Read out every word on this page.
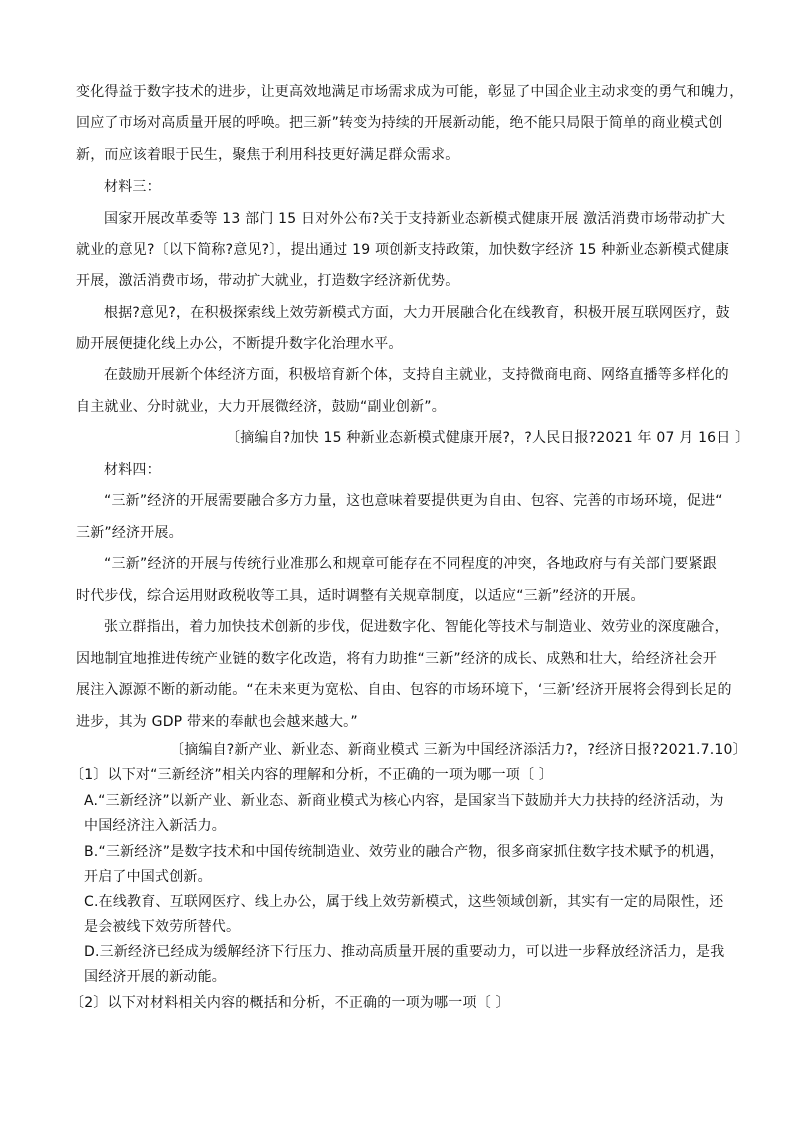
变化得益于数字技术的进步，让更高效地满足市场需求成为可能，彰显了中国企业主动求变的勇气和魄力，
回应了市场对高质量开展的呼唤。把三新”转变为持续的开展新动能，绝不能只局限于简单的商业模式创
新，而应该着眼于民生，聚焦于利用科技更好满足群众需求。
材料三：
国家开展改革委等 13 部门 15 日对外公布?关于支持新业态新模式健康开展 激活消费市场带动扩大
就业的意见?〔以下简称?意见?〕，提出通过 19 项创新支持政策，加快数字经济 15 种新业态新模式健康
开展，激活消费市场，带动扩大就业，打造数字经济新优势。
根据?意见?，在积极探索线上效劳新模式方面，大力开展融合化在线教育，积极开展互联网医疗，鼓
励开展便捷化线上办公，不断提升数字化治理水平。
在鼓励开展新个体经济方面，积极培育新个体，支持自主就业，支持微商电商、网络直播等多样化的
自主就业、分时就业，大力开展微经济，鼓励“副业创新”。
〔摘编自?加快 15 种新业态新模式健康开展?，?人民日报?2021 年 07 月 16日 〕
材料四：
“三新”经济的开展需要融合多方力量，这也意味着要提供更为自由、包容、完善的市场环境，促进“
三新”经济开展。
“三新”经济的开展与传统行业准那么和规章可能存在不同程度的冲突，各地政府与有关部门要紧跟
时代步伐，综合运用财政税收等工具，适时调整有关规章制度，以适应“三新”经济的开展。
张立群指出，着力加快技术创新的步伐，促进数字化、智能化等技术与制造业、效劳业的深度融合，
因地制宜地推进传统产业链的数字化改造，将有力助推“三新”经济的成长、成熟和壮大，给经济社会开
展注入源源不断的新动能。“在未来更为宽松、自由、包容的市场环境下，‘三新’经济开展将会得到长足的
进步，其为 GDP 带来的奉献也会越来越大。”
〔摘编自?新产业、新业态、新商业模式 三新为中国经济添活力?，?经济日报?2021.7.10〕
〔1〕以下对“三新经济”相关内容的理解和分析，不正确的一项为哪一项〔 〕
A.“三新经济”以新产业、新业态、新商业模式为核心内容，是国家当下鼓励并大力扶持的经济活动，为
中国经济注入新活力。
B.“三新经济”是数字技术和中国传统制造业、效劳业的融合产物，很多商家抓住数字技术赋予的机遇，
开启了中国式创新。
C.在线教育、互联网医疗、线上办公，属于线上效劳新模式，这些领域创新，其实有一定的局限性，还
是会被线下效劳所替代。
D.三新经济已经成为缓解经济下行压力、推动高质量开展的重要动力，可以进一步释放经济活力，是我
国经济开展的新动能。
〔2〕以下对材料相关内容的概括和分析，不正确的一项为哪一项〔 〕
